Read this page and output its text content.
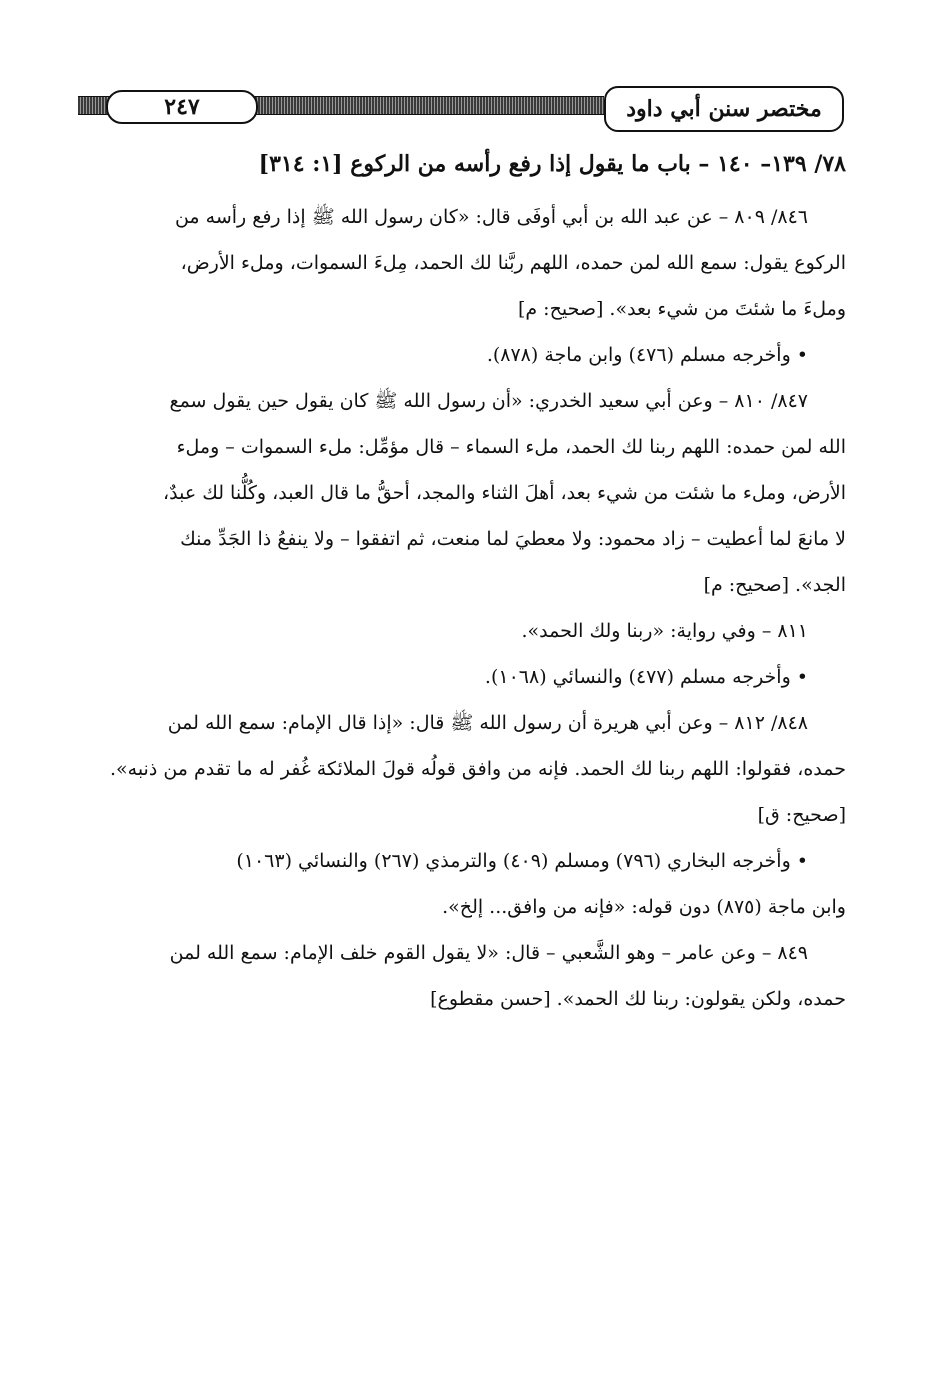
٢٤٧	مختصر سنن أبي داود

٧٨/ ١٣٩– ١٤٠ – باب ما يقول إذا رفع رأسه من الركوع [١: ٣١٤]

٨٤٦/ ٨٠٩ – عن عبد الله بن أبي أوفَى قال: «كان رسول الله ﷺ إذا رفع رأسه من

الركوع يقول: سمع الله لمن حمده، اللهم ربَّنا لك الحمد، مِلءَ السموات، وملء الأرض،

وملءَ ما شئتَ من شيء بعد». [صحيح: م]

• وأخرجه مسلم (٤٧٦) وابن ماجة (٨٧٨).

٨٤٧/ ٨١٠ – وعن أبي سعيد الخدري: «أن رسول الله ﷺ كان يقول حين يقول سمع

الله لمن حمده: اللهم ربنا لك الحمد، ملء السماء – قال مؤمِّل: ملء السموات – وملء

الأرض، وملء ما شئت من شيء بعد، أهلَ الثناء والمجد، أحقُّ ما قال العبد، وكُلُّنا لك عبدٌ،

لا مانعَ لما أعطيت – زاد محمود: ولا معطيَ لما منعت، ثم اتفقوا – ولا ينفعُ ذا الجَدِّ منك

الجد». [صحيح: م]

٨١١ – وفي رواية: «ربنا ولك الحمد».

• وأخرجه مسلم (٤٧٧) والنسائي (١٠٦٨).

٨٤٨/ ٨١٢ – وعن أبي هريرة أن رسول الله ﷺ قال: «إذا قال الإمام: سمع الله لمن

حمده، فقولوا: اللهم ربنا لك الحمد. فإنه من وافق قولُه قولَ الملائكة غُفر له ما تقدم من ذنبه».

[صحيح: ق]

• وأخرجه البخاري (٧٩٦) ومسلم (٤٠٩) والترمذي (٢٦٧) والنسائي (١٠٦٣)

وابن ماجة (٨٧٥) دون قوله: «فإنه من وافق... إلخ».

٨٤٩ – وعن عامر – وهو الشَّعبي – قال: «لا يقول القوم خلف الإمام: سمع الله لمن

حمده، ولكن يقولون: ربنا لك الحمد». [حسن مقطوع]
